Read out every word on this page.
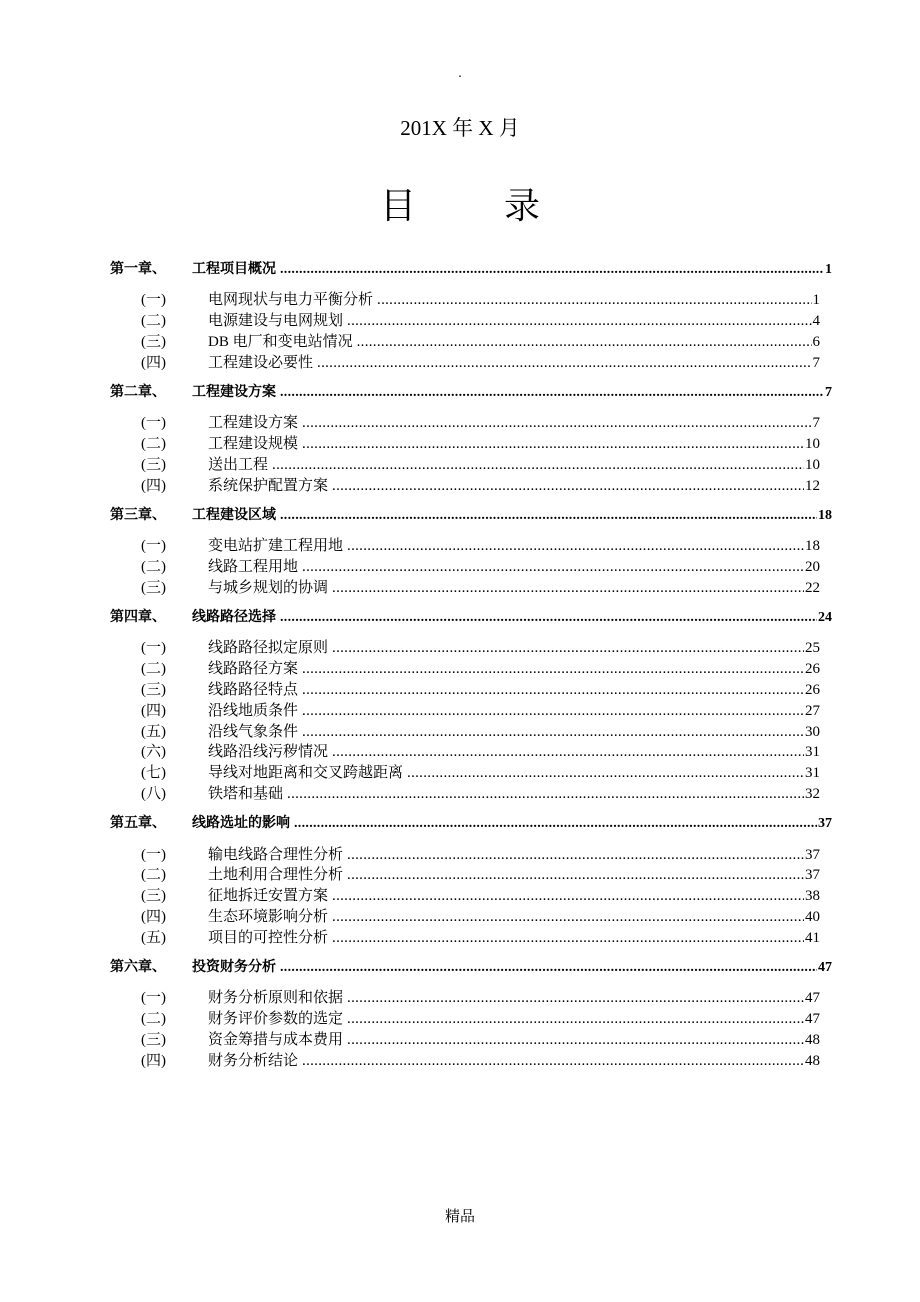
.
201X 年 X 月
目录
第一章、	工程项目概况 .....	1
(一)	电网现状与电力平衡分析 .....	1
(二)	电源建设与电网规划 .....	4
(三)	DB 电厂和变电站情况 .....	6
(四)	工程建设必要性 .....	7
第二章、	工程建设方案 .....	7
(一)	工程建设方案 .....	7
(二)	工程建设规模 .....	10
(三)	送出工程 .....	10
(四)	系统保护配置方案 .....	12
第三章、	工程建设区域 .....	18
(一)	变电站扩建工程用地 .....	18
(二)	线路工程用地 .....	20
(三)	与城乡规划的协调 .....	22
第四章、	线路路径选择 .....	24
(一)	线路路径拟定原则 .....	25
(二)	线路路径方案 .....	26
(三)	线路路径特点 .....	26
(四)	沿线地质条件 .....	27
(五)	沿线气象条件 .....	30
(六)	线路沿线污秽情况 .....	31
(七)	导线对地距离和交叉跨越距离 .....	31
(八)	铁塔和基础 .....	32
第五章、	线路选址的影响 .....	37
(一)	输电线路合理性分析 .....	37
(二)	土地利用合理性分析 .....	37
(三)	征地拆迁安置方案 .....	38
(四)	生态环境影响分析 .....	40
(五)	项目的可控性分析 .....	41
第六章、	投资财务分析 .....	47
(一)	财务分析原则和依据 .....	47
(二)	财务评价参数的选定 .....	47
(三)	资金筹措与成本费用 .....	48
(四)	财务分析结论 .....	48
精品
